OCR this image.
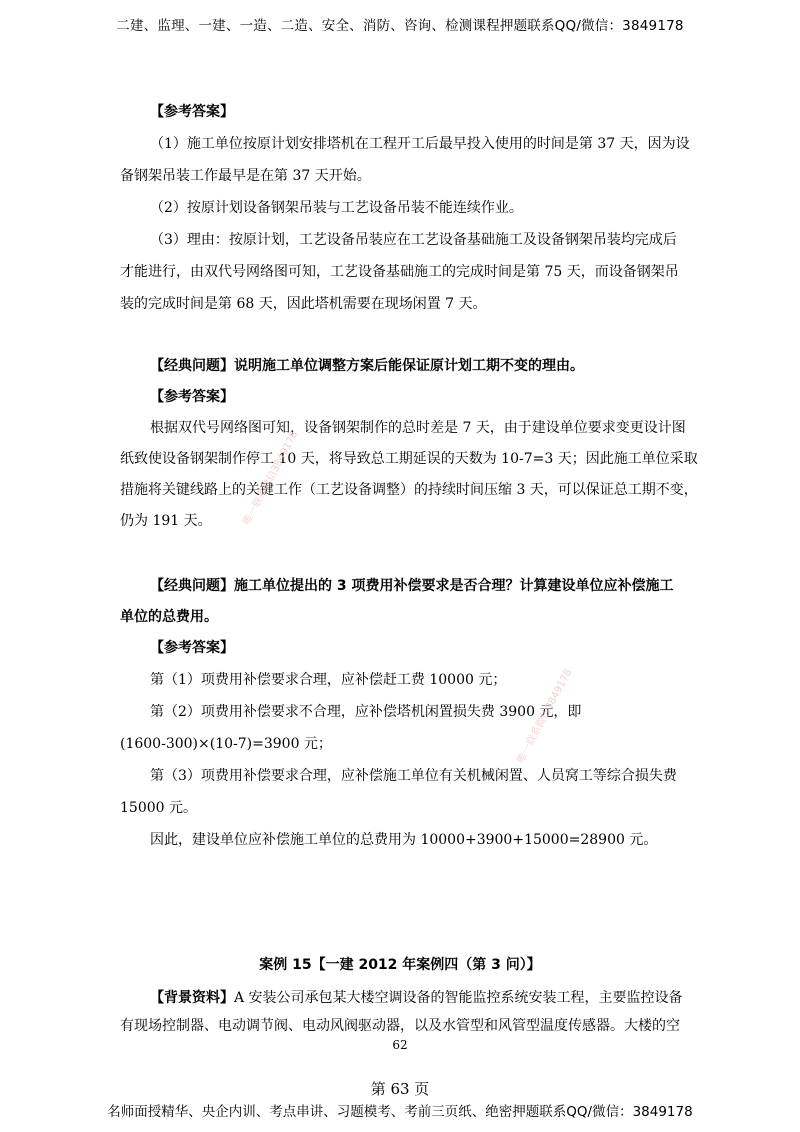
二建、监理、一建、一造、二造、安全、消防、咨询、检测课程押题联系QQ/微信：3849178
【参考答案】
（1）施工单位按原计划安排塔机在工程开工后最早投入使用的时间是第 37 天，因为设
备钢架吊装工作最早是在第 37 天开始。
（2）按原计划设备钢架吊装与工艺设备吊装不能连续作业。
（3）理由：按原计划，工艺设备吊装应在工艺设备基础施工及设备钢架吊装均完成后
才能进行，由双代号网络图可知，工艺设备基础施工的完成时间是第 75 天，而设备钢架吊
装的完成时间是第 68 天，因此塔机需要在现场闲置 7 天。
【经典问题】说明施工单位调整方案后能保证原计划工期不变的理由。
【参考答案】
根据双代号网络图可知，设备钢架制作的总时差是 7 天，由于建设单位要求变更设计图
纸致使设备钢架制作停工 10 天，将导致总工期延误的天数为 10-7=3 天；因此施工单位采取
措施将关键线路上的关键工作（工艺设备调整）的持续时间压缩 3 天，可以保证总工期不变，
仍为 191 天。
【经典问题】施工单位提出的 3 项费用补偿要求是否合理？计算建设单位应补偿施工
单位的总费用。
【参考答案】
第（1）项费用补偿要求合理，应补偿赶工费 10000 元；
第（2）项费用补偿要求不合理，应补偿塔机闲置损失费 3900 元，即
(1600-300)×(10-7)=3900 元；
第（3）项费用补偿要求合理，应补偿施工单位有关机械闲置、人员窝工等综合损失费
15000 元。
因此，建设单位应补偿施工单位的总费用为 10000+3900+15000=28900 元。
案例 15【一建 2012 年案例四（第 3 问）】
【背景资料】A 安装公司承包某大楼空调设备的智能监控系统安装工程，主要监控设备
有现场控制器、电动调节阀、电动风阀驱动器，以及水管型和风管型温度传感器。大楼的空
62
第 63 页
名师面授精华、央企内训、考点串讲、习题模考、考前三页纸、绝密押题联系QQ/微信：3849178
唯一联系微信3849178
唯一联系微信3849178
